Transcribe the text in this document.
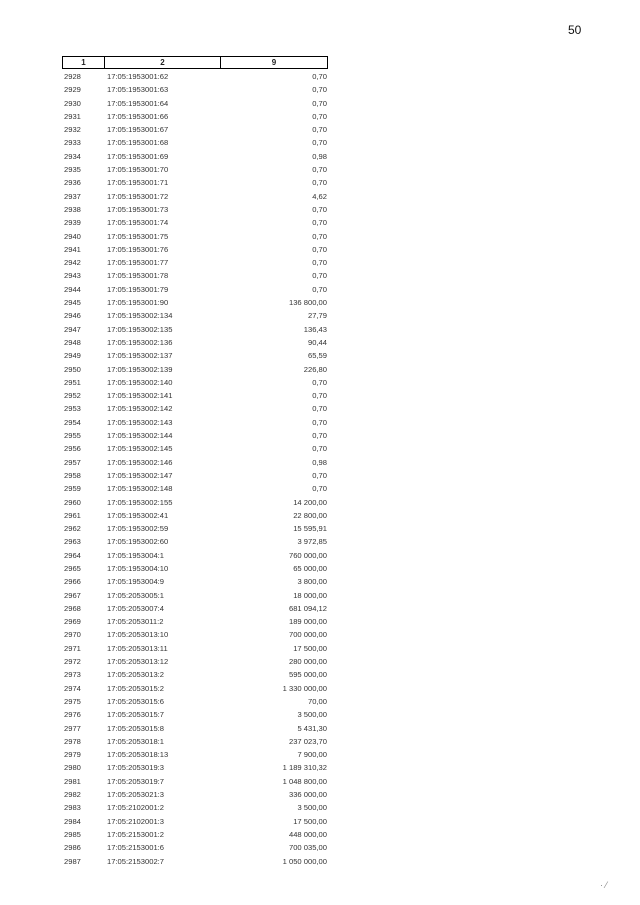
50
1	2	9
2928	17:05:1953001:62	0,70
2929	17:05:1953001:63	0,70
2930	17:05:1953001:64	0,70
2931	17:05:1953001:66	0,70
2932	17:05:1953001:67	0,70
2933	17:05:1953001:68	0,70
2934	17:05:1953001:69	0,98
2935	17:05:1953001:70	0,70
2936	17:05:1953001:71	0,70
2937	17:05:1953001:72	4,62
2938	17:05:1953001:73	0,70
2939	17:05:1953001:74	0,70
2940	17:05:1953001:75	0,70
2941	17:05:1953001:76	0,70
2942	17:05:1953001:77	0,70
2943	17:05:1953001:78	0,70
2944	17:05:1953001:79	0,70
2945	17:05:1953001:90	136 800,00
2946	17:05:1953002:134	27,79
2947	17:05:1953002:135	136,43
2948	17:05:1953002:136	90,44
2949	17:05:1953002:137	65,59
2950	17:05:1953002:139	226,80
2951	17:05:1953002:140	0,70
2952	17:05:1953002:141	0,70
2953	17:05:1953002:142	0,70
2954	17:05:1953002:143	0,70
2955	17:05:1953002:144	0,70
2956	17:05:1953002:145	0,70
2957	17:05:1953002:146	0,98
2958	17:05:1953002:147	0,70
2959	17:05:1953002:148	0,70
2960	17:05:1953002:155	14 200,00
2961	17:05:1953002:41	22 800,00
2962	17:05:1953002:59	15 595,91
2963	17:05:1953002:60	3 972,85
2964	17:05:1953004:1	760 000,00
2965	17:05:1953004:10	65 000,00
2966	17:05:1953004:9	3 800,00
2967	17:05:2053005:1	18 000,00
2968	17:05:2053007:4	681 094,12
2969	17:05:2053011:2	189 000,00
2970	17:05:2053013:10	700 000,00
2971	17:05:2053013:11	17 500,00
2972	17:05:2053013:12	280 000,00
2973	17:05:2053013:2	595 000,00
2974	17:05:2053015:2	1 330 000,00
2975	17:05:2053015:6	70,00
2976	17:05:2053015:7	3 500,00
2977	17:05:2053015:8	5 431,30
2978	17:05:2053018:1	237 023,70
2979	17:05:2053018:13	7 900,00
2980	17:05:2053019:3	1 189 310,32
2981	17:05:2053019:7	1 048 800,00
2982	17:05:2053021:3	336 000,00
2983	17:05:2102001:2	3 500,00
2984	17:05:2102001:3	17 500,00
2985	17:05:2153001:2	448 000,00
2986	17:05:2153001:6	700 035,00
2987	17:05:2153002:7	1 050 000,00
· ⁄
